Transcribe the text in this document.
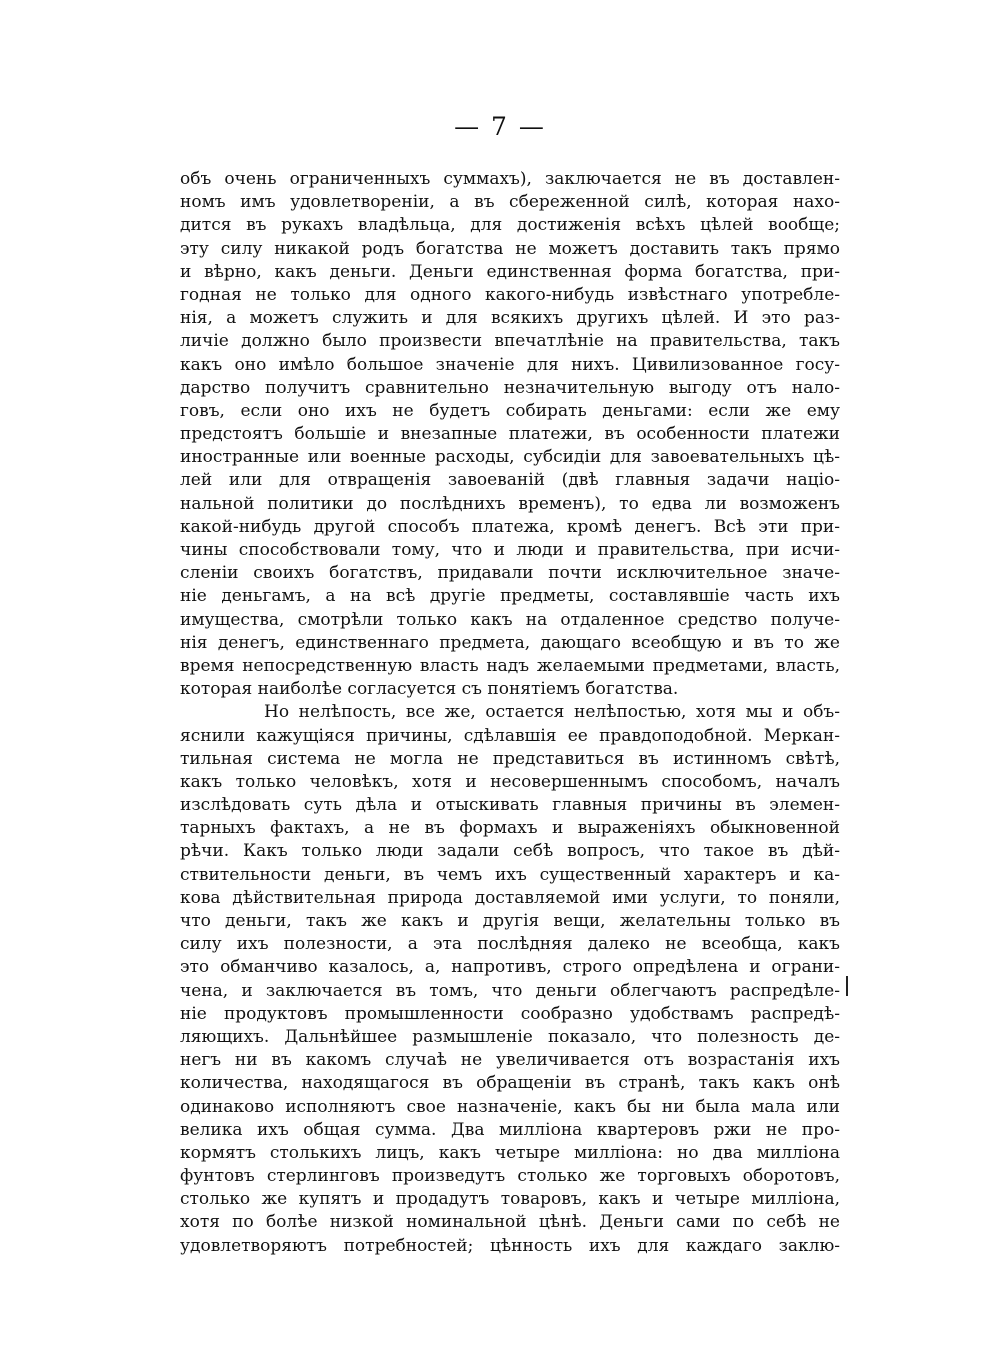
— 7 —
объ очень ограниченныхъ суммахъ), заключается не въ доставлен-
номъ имъ удовлетворенiи, а въ сбереженной силѣ, которая нахо-
дится въ рукахъ владѣльца, для достиженія всѣхъ цѣлей вообще;
эту силу никакой родъ богатства не можетъ доставить такъ прямо
и вѣрно, какъ деньги. Деньги единственная форма богатства, при-
годная не только для одного какого-нибудь извѣстнаго употребле-
нія, а можетъ служить и для всякихъ другихъ цѣлей. И это раз-
личіе должно было произвести впечатлѣніе на правительства, такъ
какъ оно имѣло большое значеніе для нихъ. Цивилизованное госу-
дарство получитъ сравнительно незначительную выгоду отъ нало-
говъ, если оно ихъ не будетъ собирать деньгами: если же ему
предстоятъ большіе и внезапные платежи, въ особенности платежи
иностранные или военные расходы, субсидіи для завоевательныхъ цѣ-
лей или для отвращенія завоеваній (двѣ главныя задачи націо-
нальной политики до послѣднихъ временъ), то едва ли возможенъ
какой-нибудь другой способъ платежа, кромѣ денегъ. Всѣ эти при-
чины способствовали тому, что и люди и правительства, при исчи-
сленіи своихъ богатствъ, придавали почти исключительное значе-
ніе деньгамъ, а на всѣ другіе предметы, составлявшіе часть ихъ
имущества, смотрѣли только какъ на отдаленное средство получе-
нія денегъ, единственнаго предмета, дающаго всеобщую и въ то же
время непосредственную власть надъ желаемыми предметами, власть,
которая наиболѣе согласуется съ понятіемъ богатства.
Но нелѣпость, все же, остается нелѣпостью, хотя мы и объ-
яснили кажущіяся причины, сдѣлавшія ее правдоподобной. Меркан-
тильная система не могла не представиться въ истинномъ свѣтѣ,
какъ только человѣкъ, хотя и несовершеннымъ способомъ, началъ
изслѣдовать суть дѣла и отыскивать главныя причины въ элемен-
тарныхъ фактахъ, а не въ формахъ и выраженіяхъ обыкновенной
рѣчи. Какъ только люди задали себѣ вопросъ, что такое въ дѣй-
ствительности деньги, въ чемъ ихъ существенный характеръ и ка-
кова дѣйствительная природа доставляемой ими услуги, то поняли,
что деньги, такъ же какъ и другія вещи, желательны только въ
силу ихъ полезности, а эта послѣдняя далеко не всеобща, какъ
это обманчиво казалось, а, напротивъ, строго опредѣлена и ограни-
чена, и заключается въ томъ, что деньги облегчаютъ распредѣле-
ніе продуктовъ промышленности сообразно удобствамъ распредѣ-
ляющихъ. Дальнѣйшее размышленіе показало, что полезность де-
негъ ни въ какомъ случаѣ не увеличивается отъ возрастанія ихъ
количества, находящагося въ обращеніи въ странѣ, такъ какъ онѣ
одинаково исполняютъ свое назначеніе, какъ бы ни была мала или
велика ихъ общая сумма. Два милліона квартеровъ ржи не про-
кормятъ столькихъ лицъ, какъ четыре милліона: но два милліона
фунтовъ стерлинговъ произведутъ столько же торговыхъ оборотовъ,
столько же купятъ и продадутъ товаровъ, какъ и четыре милліона,
хотя по болѣе низкой номинальной цѣнѣ. Деньги сами по себѣ не
удовлетворяютъ потребностей; цѣнность ихъ для каждаго заклю-
